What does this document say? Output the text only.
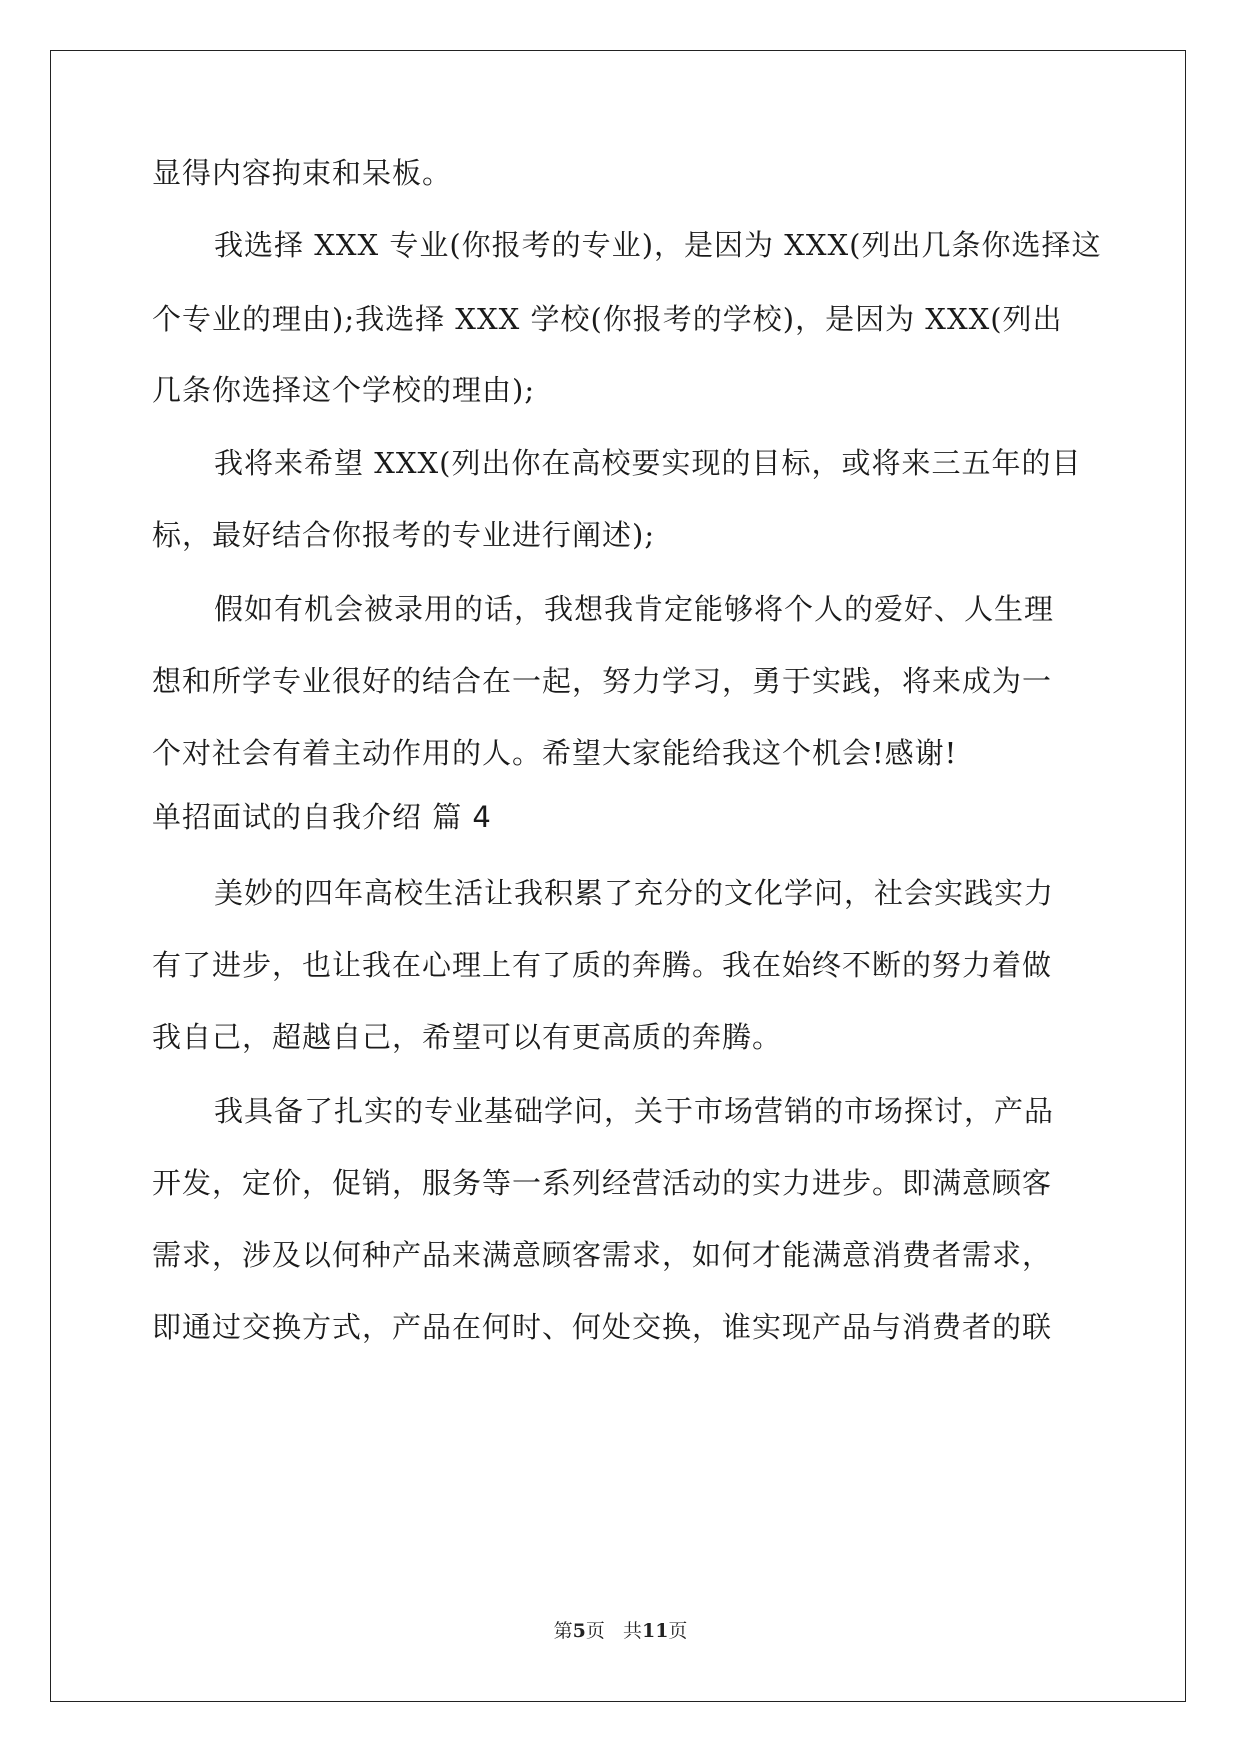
显得内容拘束和呆板。
我选择 XXX 专业(你报考的专业)，是因为 XXX(列出几条你选择这
个专业的理由);我选择 XXX 学校(你报考的学校)，是因为 XXX(列出
几条你选择这个学校的理由);
我将来希望 XXX(列出你在高校要实现的目标，或将来三五年的目
标，最好结合你报考的专业进行阐述);
假如有机会被录用的话，我想我肯定能够将个人的爱好、人生理
想和所学专业很好的结合在一起，努力学习，勇于实践，将来成为一
个对社会有着主动作用的人。希望大家能给我这个机会!感谢!
单招面试的自我介绍 篇 4
美妙的四年高校生活让我积累了充分的文化学问，社会实践实力
有了进步，也让我在心理上有了质的奔腾。我在始终不断的努力着做
我自己，超越自己，希望可以有更高质的奔腾。
我具备了扎实的专业基础学问，关于市场营销的市场探讨，产品
开发，定价，促销，服务等一系列经营活动的实力进步。即满意顾客
需求，涉及以何种产品来满意顾客需求，如何才能满意消费者需求，
即通过交换方式，产品在何时、何处交换，谁实现产品与消费者的联
第5页 共11页
